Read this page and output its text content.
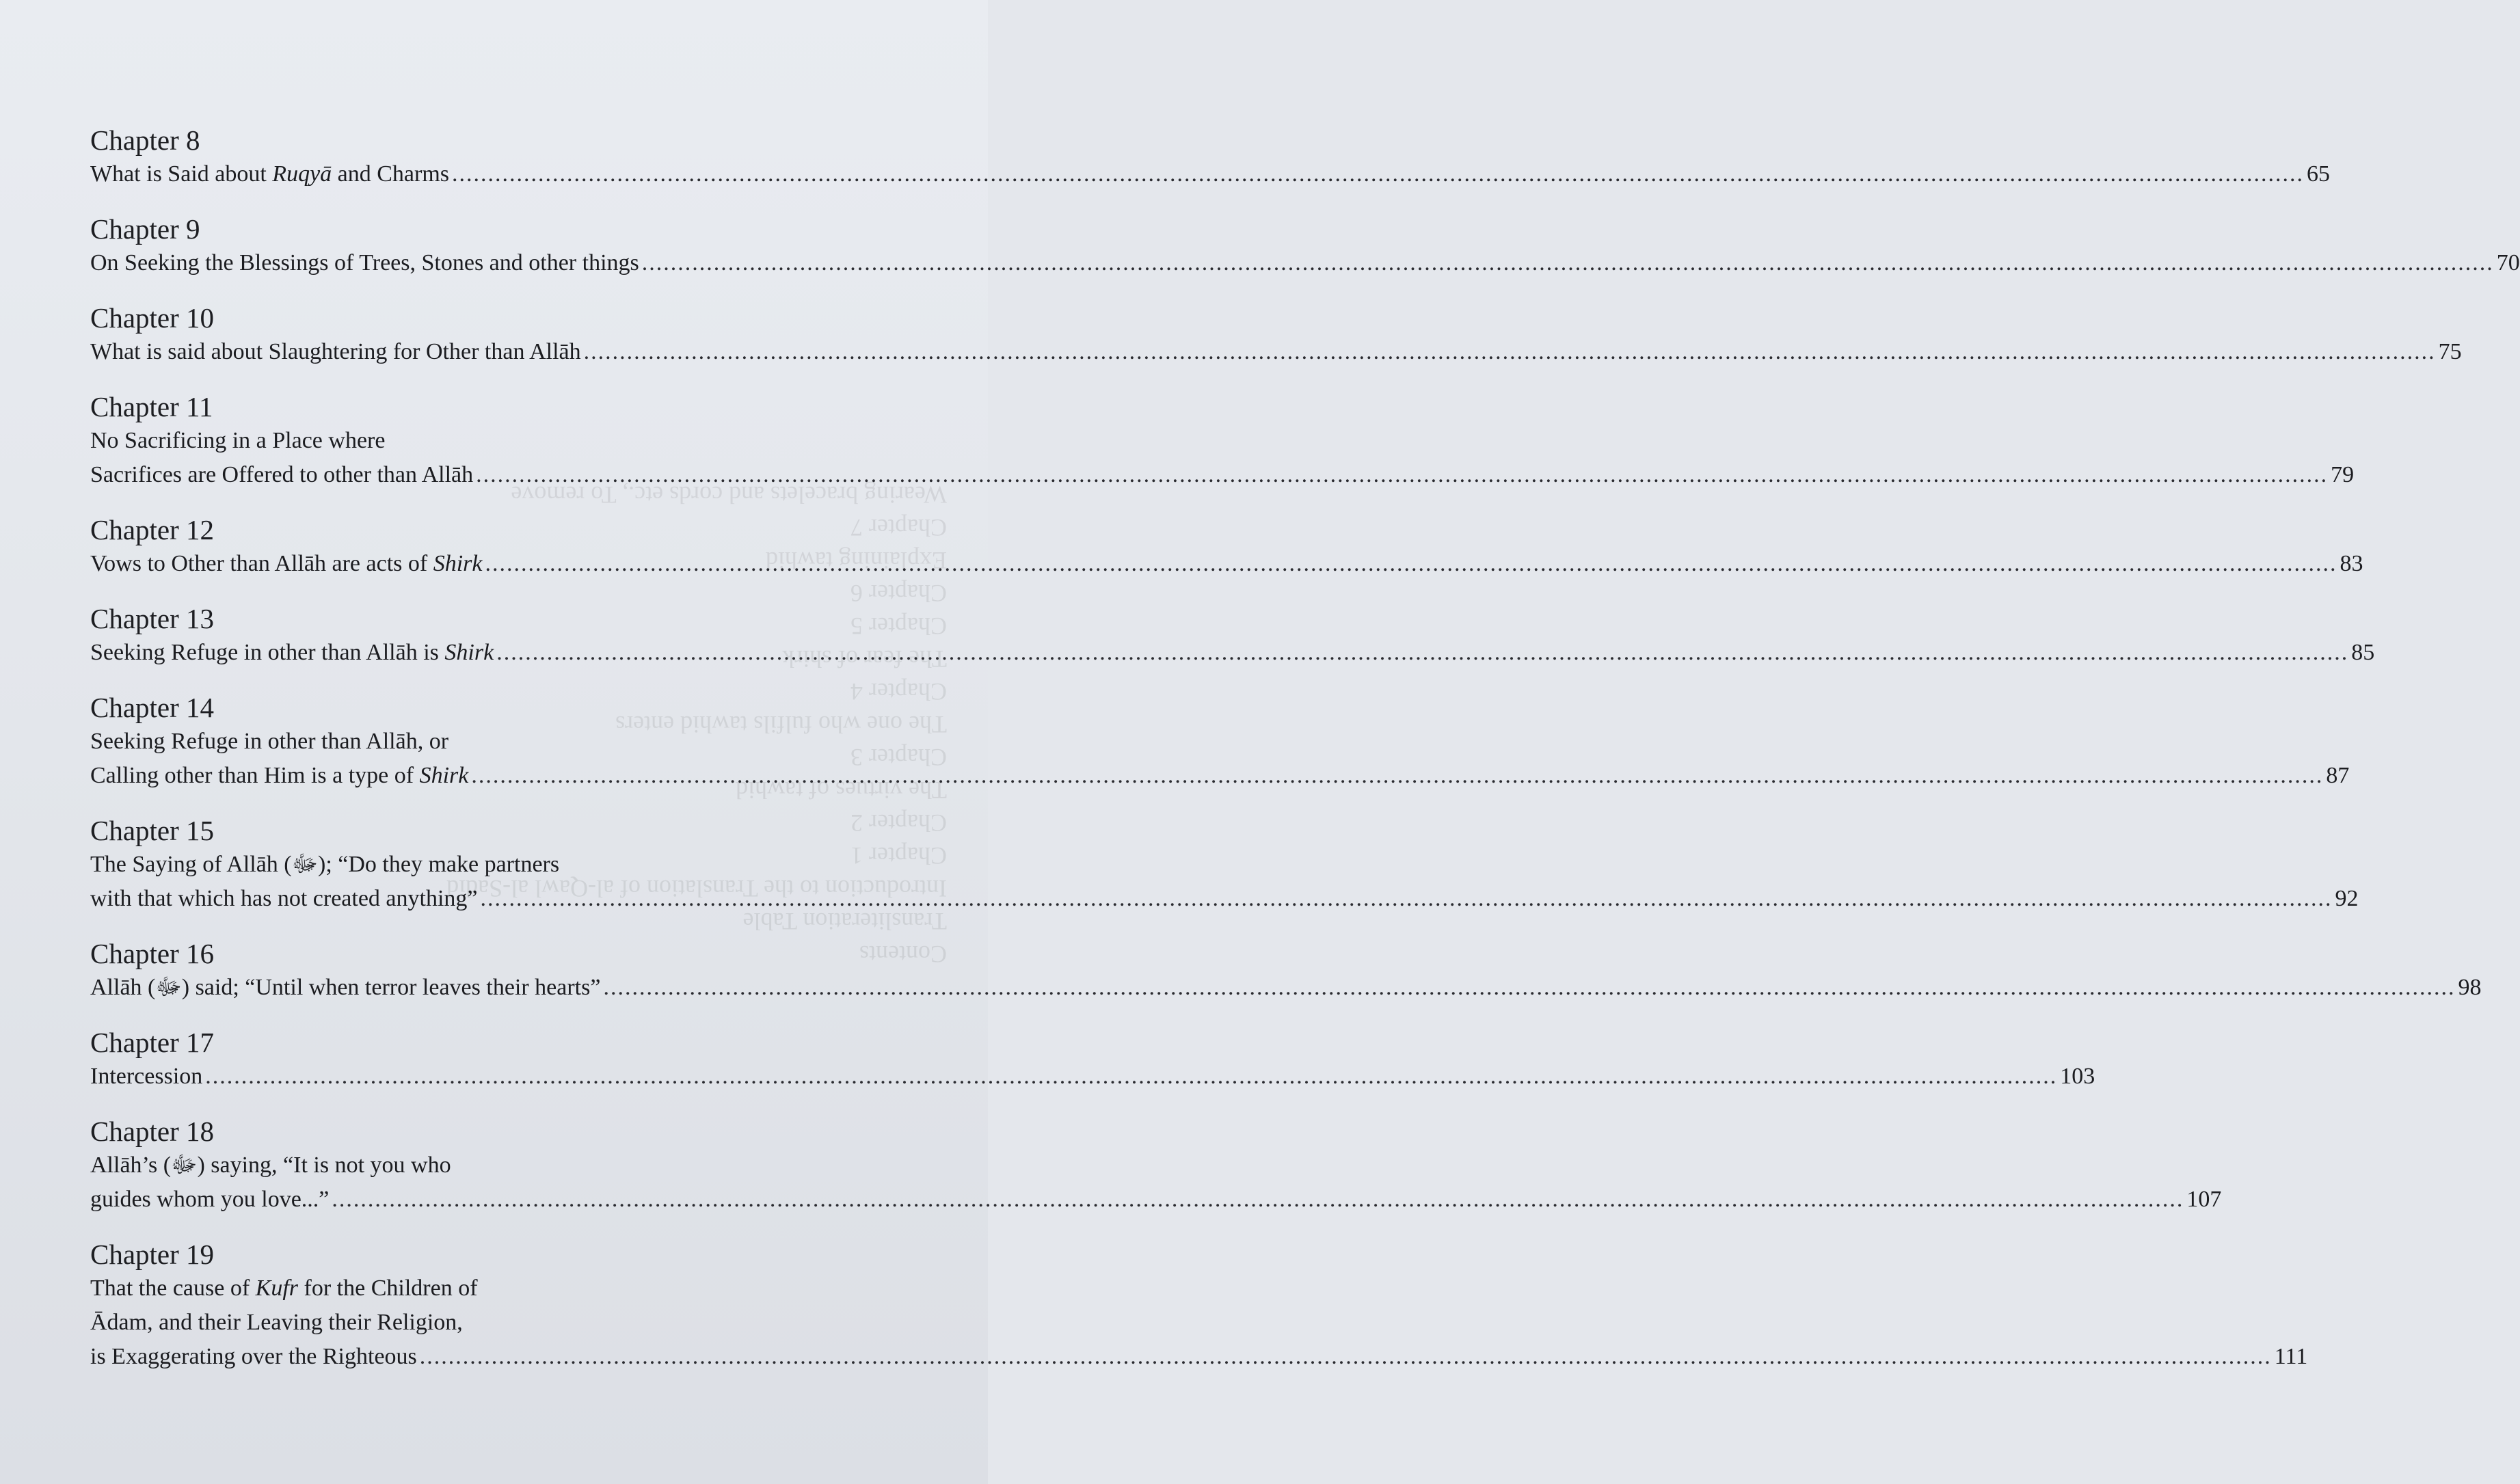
Contents
Transliteration Table
Introduction to the Translation of al-Qawl al-Sadid
Chapter 1
Chapter 2
The virtues of tawhid
Chapter 3
The one who fulfils tawhid enters
Chapter 4
The fear of shirk
Chapter 5
Chapter 6
Explaining tawhid
Chapter 7
Wearing bracelets and cords etc., To remove
Chapter 8
What is Said about Ruqyā and Charms .....	65
Chapter 9
On Seeking the Blessings of Trees, Stones and other things .....	70
Chapter 10
What is said about Slaughtering for Other than Allāh .....	75
Chapter 11
No Sacrificing in a Place where
Sacrifices are Offered to other than Allāh .....	79
Chapter 12
Vows to Other than Allāh are acts of Shirk .....	83
Chapter 13
Seeking Refuge in other than Allāh is Shirk .....	85
Chapter 14
Seeking Refuge in other than Allāh, or
Calling other than Him is a type of Shirk .....	87
Chapter 15
The Saying of Allāh (ﷻ); “Do they make partners
with that which has not created anything” .....	92
Chapter 16
Allāh (ﷻ) said; “Until when terror leaves their hearts” .....	98
Chapter 17
Intercession .....	103
Chapter 18
Allāh’s (ﷻ) saying, “It is not you who
guides whom you love...” .....	107
Chapter 19
That the cause of Kufr for the Children of
Ādam, and their Leaving their Religion,
is Exaggerating over the Righteous .....	111
